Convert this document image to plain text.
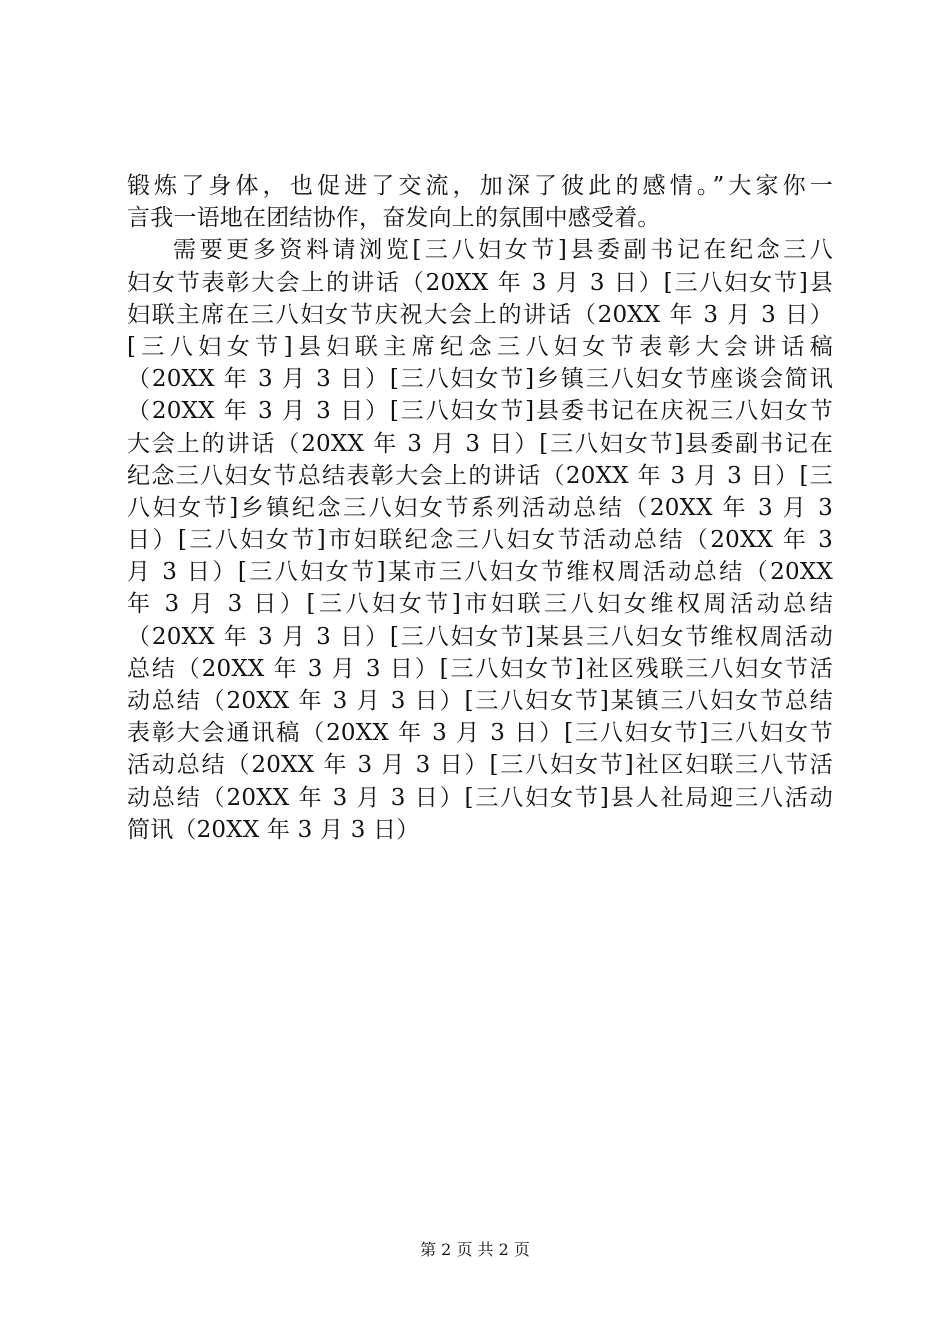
锻炼了身体，也促进了交流，加深了彼此的感情。”大家你一
言我一语地在团结协作，奋发向上的氛围中感受着。
需要更多资料请浏览[三八妇女节]县委副书记在纪念三八
妇女节表彰大会上的讲话（20XX 年 3 月 3 日）[三八妇女节]县
妇联主席在三八妇女节庆祝大会上的讲话（20XX 年 3 月 3 日）
[三八妇女节]县妇联主席纪念三八妇女节表彰大会讲话稿
（20XX 年 3 月 3 日）[三八妇女节]乡镇三八妇女节座谈会简讯
（20XX 年 3 月 3 日）[三八妇女节]县委书记在庆祝三八妇女节
大会上的讲话（20XX 年 3 月 3 日）[三八妇女节]县委副书记在
纪念三八妇女节总结表彰大会上的讲话（20XX 年 3 月 3 日）[三
八妇女节]乡镇纪念三八妇女节系列活动总结（20XX 年 3 月 3
日）[三八妇女节]市妇联纪念三八妇女节活动总结（20XX 年 3
月 3 日）[三八妇女节]某市三八妇女节维权周活动总结（20XX
年 3 月 3 日）[三八妇女节]市妇联三八妇女维权周活动总结
（20XX 年 3 月 3 日）[三八妇女节]某县三八妇女节维权周活动
总结（20XX 年 3 月 3 日）[三八妇女节]社区残联三八妇女节活
动总结（20XX 年 3 月 3 日）[三八妇女节]某镇三八妇女节总结
表彰大会通讯稿（20XX 年 3 月 3 日）[三八妇女节]三八妇女节
活动总结（20XX 年 3 月 3 日）[三八妇女节]社区妇联三八节活
动总结（20XX 年 3 月 3 日）[三八妇女节]县人社局迎三八活动
简讯（20XX 年 3 月 3 日）
第 2 页 共 2 页
